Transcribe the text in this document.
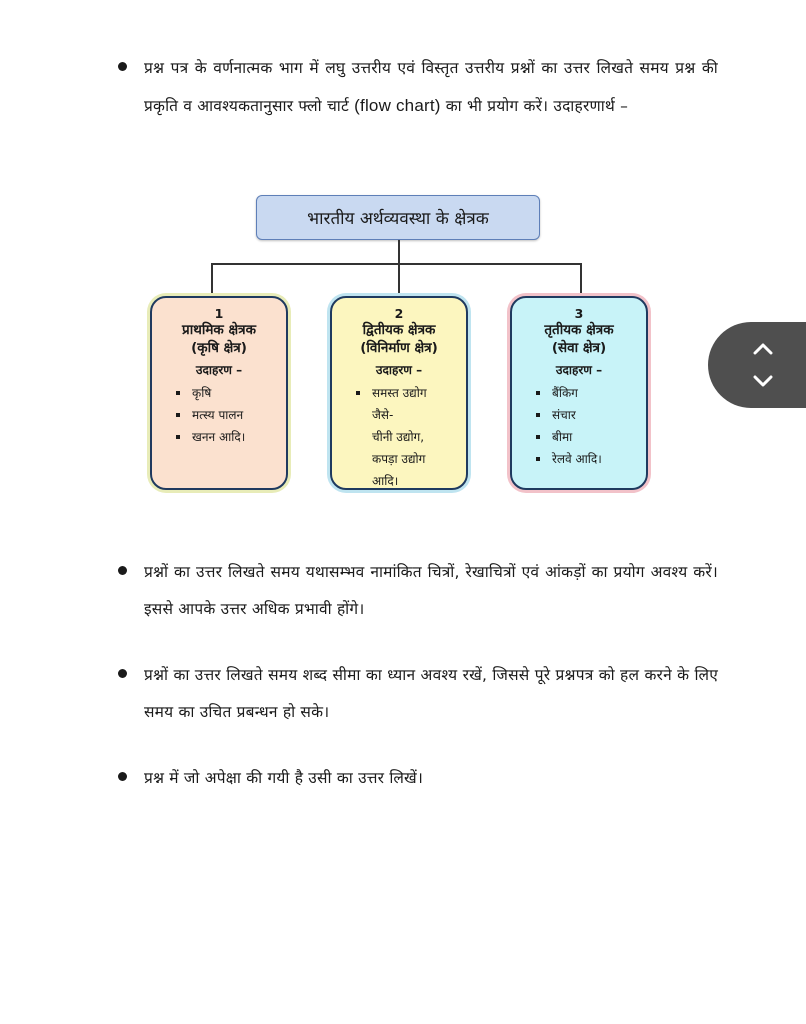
प्रश्न पत्र के वर्णनात्मक भाग में लघु उत्तरीय एवं विस्तृत उत्तरीय प्रश्नों का उत्तर लिखते समय प्रश्न की प्रकृति व आवश्यकतानुसार फ्लो चार्ट (flow chart) का भी प्रयोग करें। उदाहरणार्थ –
भारतीय अर्थव्यवस्था के क्षेत्रक
1
प्राथमिक क्षेत्रक
(कृषि क्षेत्र)
उदाहरण –
कृषि
मत्स्य पालन
खनन आदि।
2
द्वितीयक क्षेत्रक
(विनिर्माण क्षेत्र)
उदाहरण –
समस्त उद्योग
जैसे-
चीनी उद्योग,
कपड़ा उद्योग
आदि।
3
तृतीयक क्षेत्रक
(सेवा क्षेत्र)
उदाहरण –
बैंकिग
संचार
बीमा
रेलवे आदि।
प्रश्नों का उत्तर लिखते समय यथासम्भव नामांकित चित्रों, रेखाचित्रों एवं आंकड़ों का प्रयोग अवश्य करें। इससे आपके उत्तर अधिक प्रभावी होंगे।
प्रश्नों का उत्तर लिखते समय शब्द सीमा का ध्यान अवश्य रखें, जिससे पूरे प्रश्नपत्र को हल करने के लिए समय का उचित प्रबन्धन हो सके।
प्रश्न में जो अपेक्षा की गयी है उसी का उत्तर लिखें।
